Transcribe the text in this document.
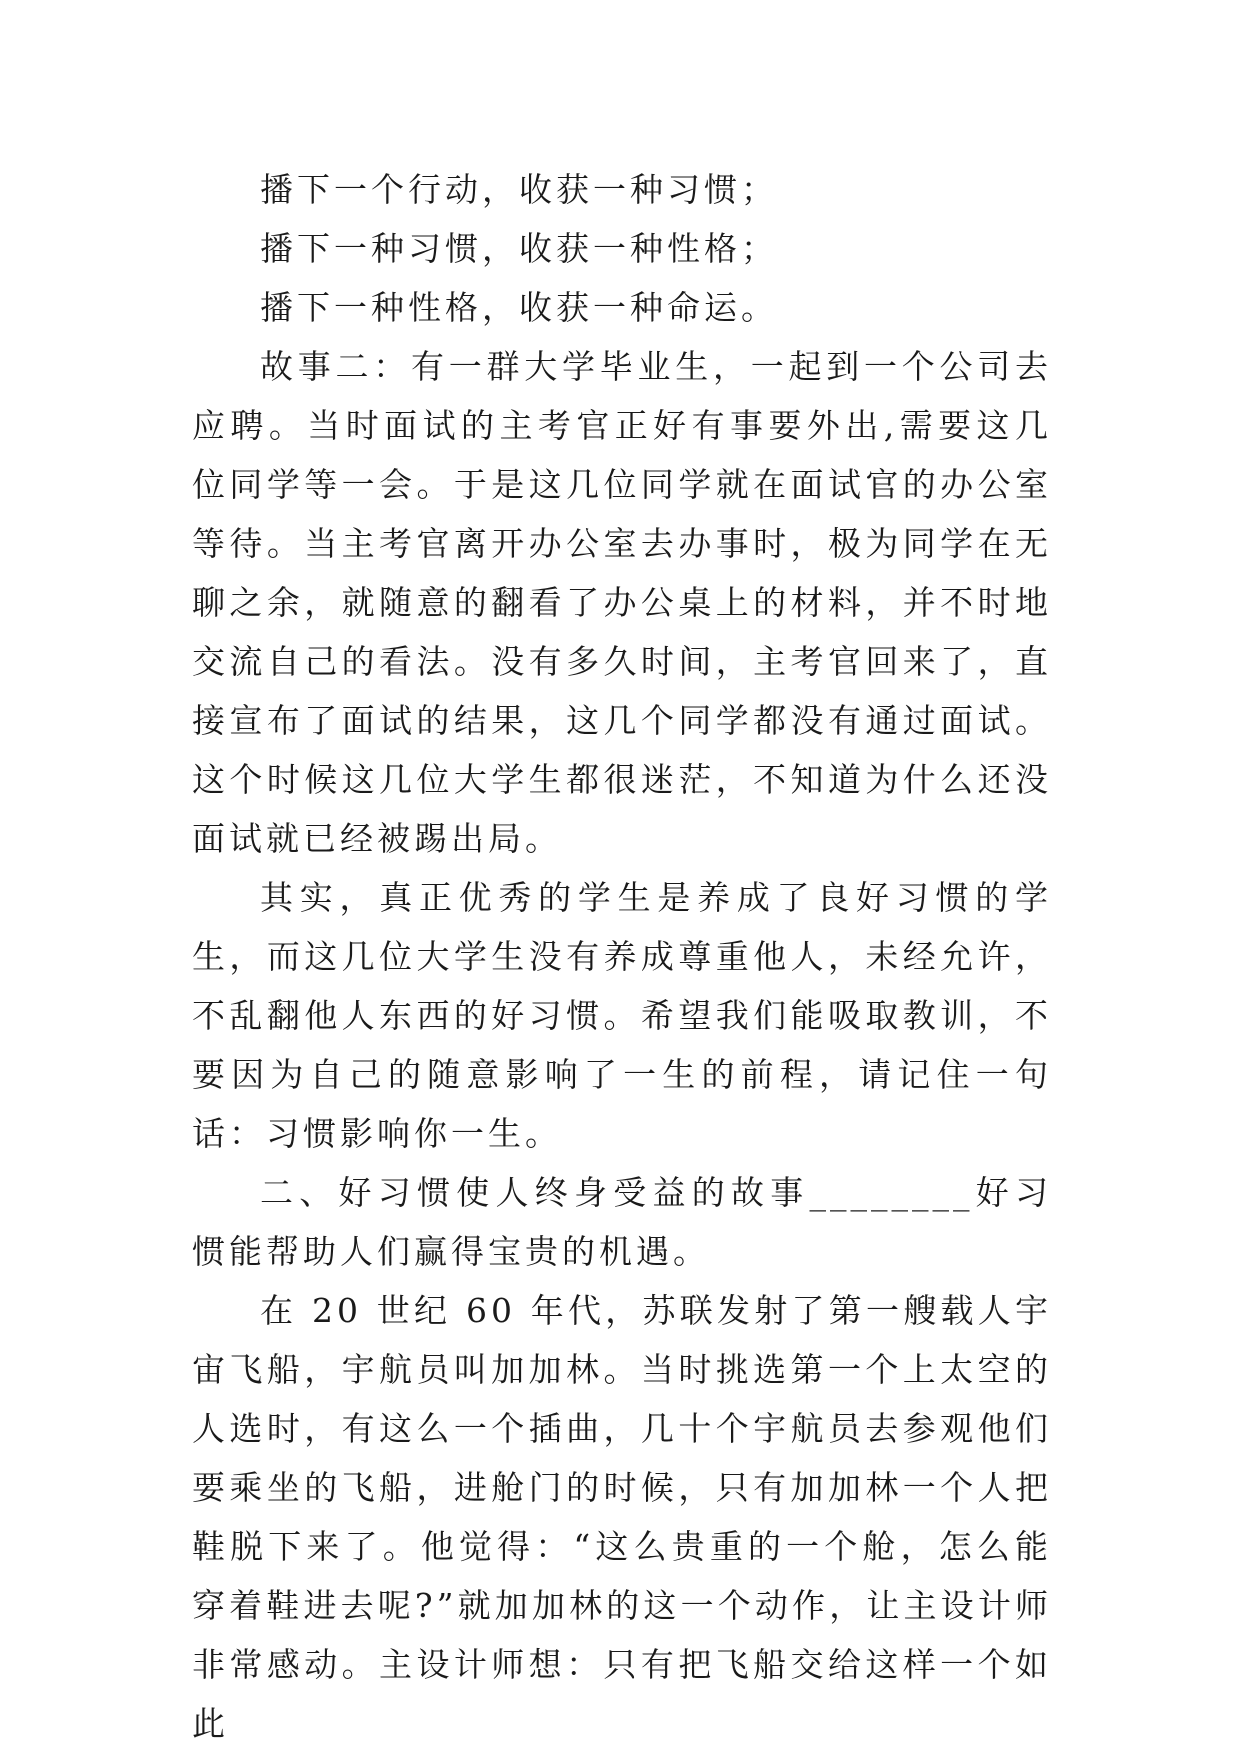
播下一个行动，收获一种习惯；

播下一种习惯，收获一种性格；

播下一种性格，收获一种命运。

故事二：有一群大学毕业生，一起到一个公司去应聘。当时面试的主考官正好有事要外出,需要这几位同学等一会。于是这几位同学就在面试官的办公室等待。当主考官离开办公室去办事时，极为同学在无聊之余，就随意的翻看了办公桌上的材料，并不时地交流自己的看法。没有多久时间，主考官回来了，直接宣布了面试的结果，这几个同学都没有通过面试。这个时候这几位大学生都很迷茫，不知道为什么还没面试就已经被踢出局。

其实，真正优秀的学生是养成了良好习惯的学生，而这几位大学生没有养成尊重他人，未经允许，不乱翻他人东西的好习惯。希望我们能吸取教训，不要因为自己的随意影响了一生的前程，请记住一句话：习惯影响你一生。

二、好习惯使人终身受益的故事________好习惯能帮助人们赢得宝贵的机遇。

在 20 世纪 60 年代，苏联发射了第一艘载人宇宙飞船，宇航员叫加加林。当时挑选第一个上太空的人选时，有这么一个插曲，几十个宇航员去参观他们要乘坐的飞船，进舱门的时候，只有加加林一个人把鞋脱下来了。他觉得：“这么贵重的一个舱，怎么能穿着鞋进去呢?”就加加林的这一个动作，让主设计师非常感动。主设计师想：只有把飞船交给这样一个如此
